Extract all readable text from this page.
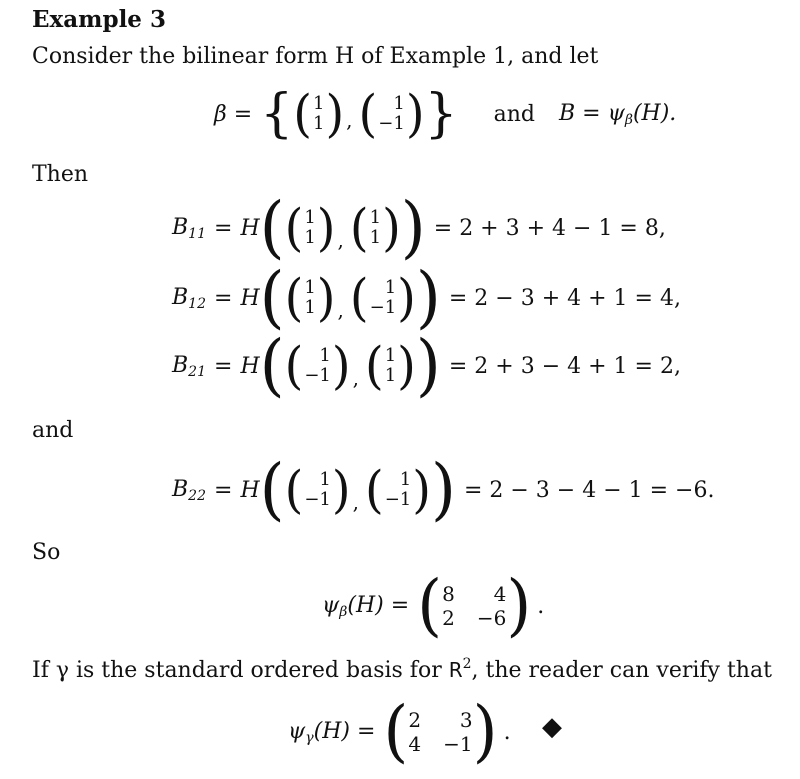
Example 3
Consider the bilinear form H of Example 1, and let
β = { ( 1
1 ) , ( 1
−1 ) } and $B = \psi_\beta(H)$.
Then
$B_{11} = H$ ( ( 1
1 ) , ( 1
1 ) ) = 2 + 3 + 4 − 1 = 8,
$B_{12} = H$ ( ( 1
1 ) , ( 1
−1 ) ) = 2 − 3 + 4 + 1 = 4,
$B_{21} = H$ ( ( 1
−1 ) , ( 1
1 ) ) = 2 + 3 − 4 + 1 = 2,
and
$B_{22} = H$ ( ( 1
−1 ) , ( 1
−1 ) ) = 2 − 3 − 4 − 1 = −6.
So
$\psi_\beta(H)$ = ( 8 4
2 −6 ) .
If γ is the standard ordered basis for $R^2$, the reader can verify that
$\psi_\gamma(H)$ = ( 2 3
4 −1 ) . ◆
